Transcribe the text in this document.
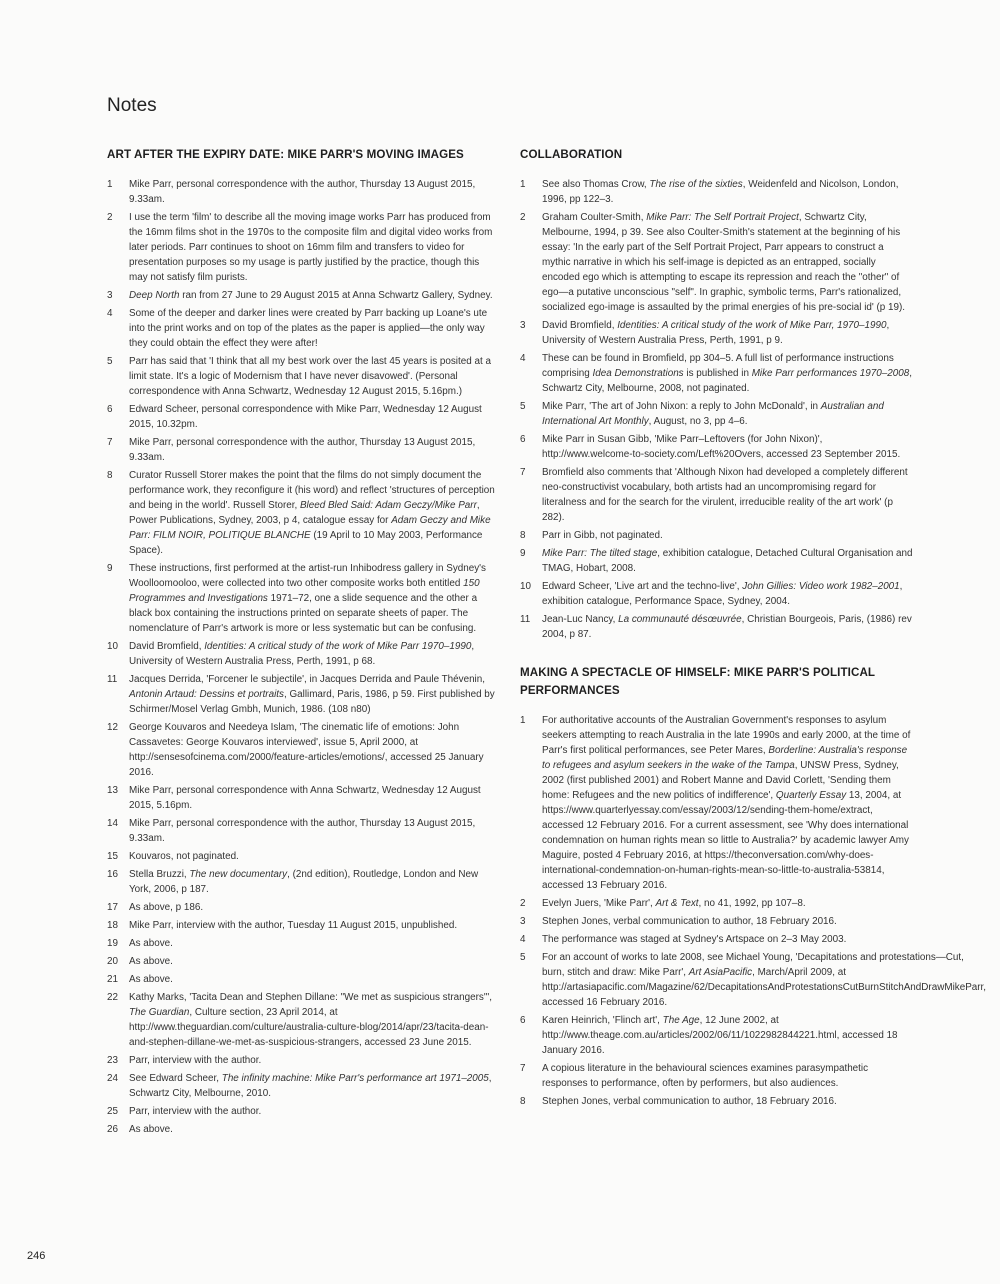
Notes
ART AFTER THE EXPIRY DATE: MIKE PARR'S MOVING IMAGES
1	Mike Parr, personal correspondence with the author, Thursday 13 August 2015, 9.33am.
2	I use the term 'film' to describe all the moving image works Parr has produced from the 16mm films shot in the 1970s to the composite film and digital video works from later periods. Parr continues to shoot on 16mm film and transfers to video for presentation purposes so my usage is partly justified by the practice, though this may not satisfy film purists.
3	Deep North ran from 27 June to 29 August 2015 at Anna Schwartz Gallery, Sydney.
4	Some of the deeper and darker lines were created by Parr backing up Loane's ute into the print works and on top of the plates as the paper is applied—the only way they could obtain the effect they were after!
5	Parr has said that 'I think that all my best work over the last 45 years is posited at a limit state. It's a logic of Modernism that I have never disavowed'. (Personal correspondence with Anna Schwartz, Wednesday 12 August 2015, 5.16pm.)
6	Edward Scheer, personal correspondence with Mike Parr, Wednesday 12 August 2015, 10.32pm.
7	Mike Parr, personal correspondence with the author, Thursday 13 August 2015, 9.33am.
8	Curator Russell Storer makes the point that the films do not simply document the performance work, they reconfigure it (his word) and reflect 'structures of perception and being in the world'. Russell Storer, Bleed Bled Said: Adam Geczy/Mike Parr, Power Publications, Sydney, 2003, p 4, catalogue essay for Adam Geczy and Mike Parr: FILM NOIR, POLITIQUE BLANCHE (19 April to 10 May 2003, Performance Space).
9	These instructions, first performed at the artist-run Inhibodress gallery in Sydney's Woolloomooloo, were collected into two other composite works both entitled 150 Programmes and Investigations 1971–72, one a slide sequence and the other a black box containing the instructions printed on separate sheets of paper. The nomenclature of Parr's artwork is more or less systematic but can be confusing.
10	David Bromfield, Identities: A critical study of the work of Mike Parr 1970–1990, University of Western Australia Press, Perth, 1991, p 68.
11	Jacques Derrida, 'Forcener le subjectile', in Jacques Derrida and Paule Thévenin, Antonin Artaud: Dessins et portraits, Gallimard, Paris, 1986, p 59. First published by Schirmer/Mosel Verlag Gmbh, Munich, 1986. (108 n80)
12	George Kouvaros and Needeya Islam, 'The cinematic life of emotions: John Cassavetes: George Kouvaros interviewed', issue 5, April 2000, at http://sensesofcinema.com/2000/feature-articles/emotions/, accessed 25 January 2016.
13	Mike Parr, personal correspondence with Anna Schwartz, Wednesday 12 August 2015, 5.16pm.
14	Mike Parr, personal correspondence with the author, Thursday 13 August 2015, 9.33am.
15	Kouvaros, not paginated.
16	Stella Bruzzi, The new documentary, (2nd edition), Routledge, London and New York, 2006, p 187.
17	As above, p 186.
18	Mike Parr, interview with the author, Tuesday 11 August 2015, unpublished.
19	As above.
20	As above.
21	As above.
22	Kathy Marks, 'Tacita Dean and Stephen Dillane: "We met as suspicious strangers"', The Guardian, Culture section, 23 April 2014, at http://www.theguardian.com/culture/australia-culture-blog/2014/apr/23/tacita-dean-and-stephen-dillane-we-met-as-suspicious-strangers, accessed 23 June 2015.
23	Parr, interview with the author.
24	See Edward Scheer, The infinity machine: Mike Parr's performance art 1971–2005, Schwartz City, Melbourne, 2010.
25	Parr, interview with the author.
26	As above.
COLLABORATION
1	See also Thomas Crow, The rise of the sixties, Weidenfeld and Nicolson, London, 1996, pp 122–3.
2	Graham Coulter-Smith, Mike Parr: The Self Portrait Project, Schwartz City, Melbourne, 1994, p 39. See also Coulter-Smith's statement at the beginning of his essay: 'In the early part of the Self Portrait Project, Parr appears to construct a mythic narrative in which his self-image is depicted as an entrapped, socially encoded ego which is attempting to escape its repression and reach the "other" of ego—a putative unconscious "self". In graphic, symbolic terms, Parr's rationalized, socialized ego-image is assaulted by the primal energies of his pre-social id' (p 19).
3	David Bromfield, Identities: A critical study of the work of Mike Parr, 1970–1990, University of Western Australia Press, Perth, 1991, p 9.
4	These can be found in Bromfield, pp 304–5. A full list of performance instructions comprising Idea Demonstrations is published in Mike Parr performances 1970–2008, Schwartz City, Melbourne, 2008, not paginated.
5	Mike Parr, 'The art of John Nixon: a reply to John McDonald', in Australian and International Art Monthly, August, no 3, pp 4–6.
6	Mike Parr in Susan Gibb, 'Mike Parr–Leftovers (for John Nixon)', http://www.welcome-to-society.com/Left%20Overs, accessed 23 September 2015.
7	Bromfield also comments that 'Although Nixon had developed a completely different neo-constructivist vocabulary, both artists had an uncompromising regard for literalness and for the search for the virulent, irreducible reality of the art work' (p 282).
8	Parr in Gibb, not paginated.
9	Mike Parr: The tilted stage, exhibition catalogue, Detached Cultural Organisation and TMAG, Hobart, 2008.
10	Edward Scheer, 'Live art and the techno-live', John Gillies: Video work 1982–2001, exhibition catalogue, Performance Space, Sydney, 2004.
11	Jean-Luc Nancy, La communauté désœuvrée, Christian Bourgeois, Paris, (1986) rev 2004, p 87.
MAKING A SPECTACLE OF HIMSELF: MIKE PARR'S POLITICAL PERFORMANCES
1	For authoritative accounts of the Australian Government's responses to asylum seekers attempting to reach Australia in the late 1990s and early 2000, at the time of Parr's first political performances, see Peter Mares, Borderline: Australia's response to refugees and asylum seekers in the wake of the Tampa, UNSW Press, Sydney, 2002 (first published 2001) and Robert Manne and David Corlett, 'Sending them home: Refugees and the new politics of indifference', Quarterly Essay 13, 2004, at https://www.quarterlyessay.com/essay/2003/12/sending-them-home/extract, accessed 12 February 2016. For a current assessment, see 'Why does international condemnation on human rights mean so little to Australia?' by academic lawyer Amy Maguire, posted 4 February 2016, at https://theconversation.com/why-does-international-condemnation-on-human-rights-mean-so-little-to-australia-53814, accessed 13 February 2016.
2	Evelyn Juers, 'Mike Parr', Art & Text, no 41, 1992, pp 107–8.
3	Stephen Jones, verbal communication to author, 18 February 2016.
4	The performance was staged at Sydney's Artspace on 2–3 May 2003.
5	For an account of works to late 2008, see Michael Young, 'Decapitations and protestations—Cut, burn, stitch and draw: Mike Parr', Art AsiaPacific, March/April 2009, at http://artasiapacific.com/Magazine/62/DecapitationsAndProtestationsCutBurnStitchAndDrawMikeParr, accessed 16 February 2016.
6	Karen Heinrich, 'Flinch art', The Age, 12 June 2002, at http://www.theage.com.au/articles/2002/06/11/1022982844221.html, accessed 18 January 2016.
7	A copious literature in the behavioural sciences examines parasympathetic responses to performance, often by performers, but also audiences.
8	Stephen Jones, verbal communication to author, 18 February 2016.
246
